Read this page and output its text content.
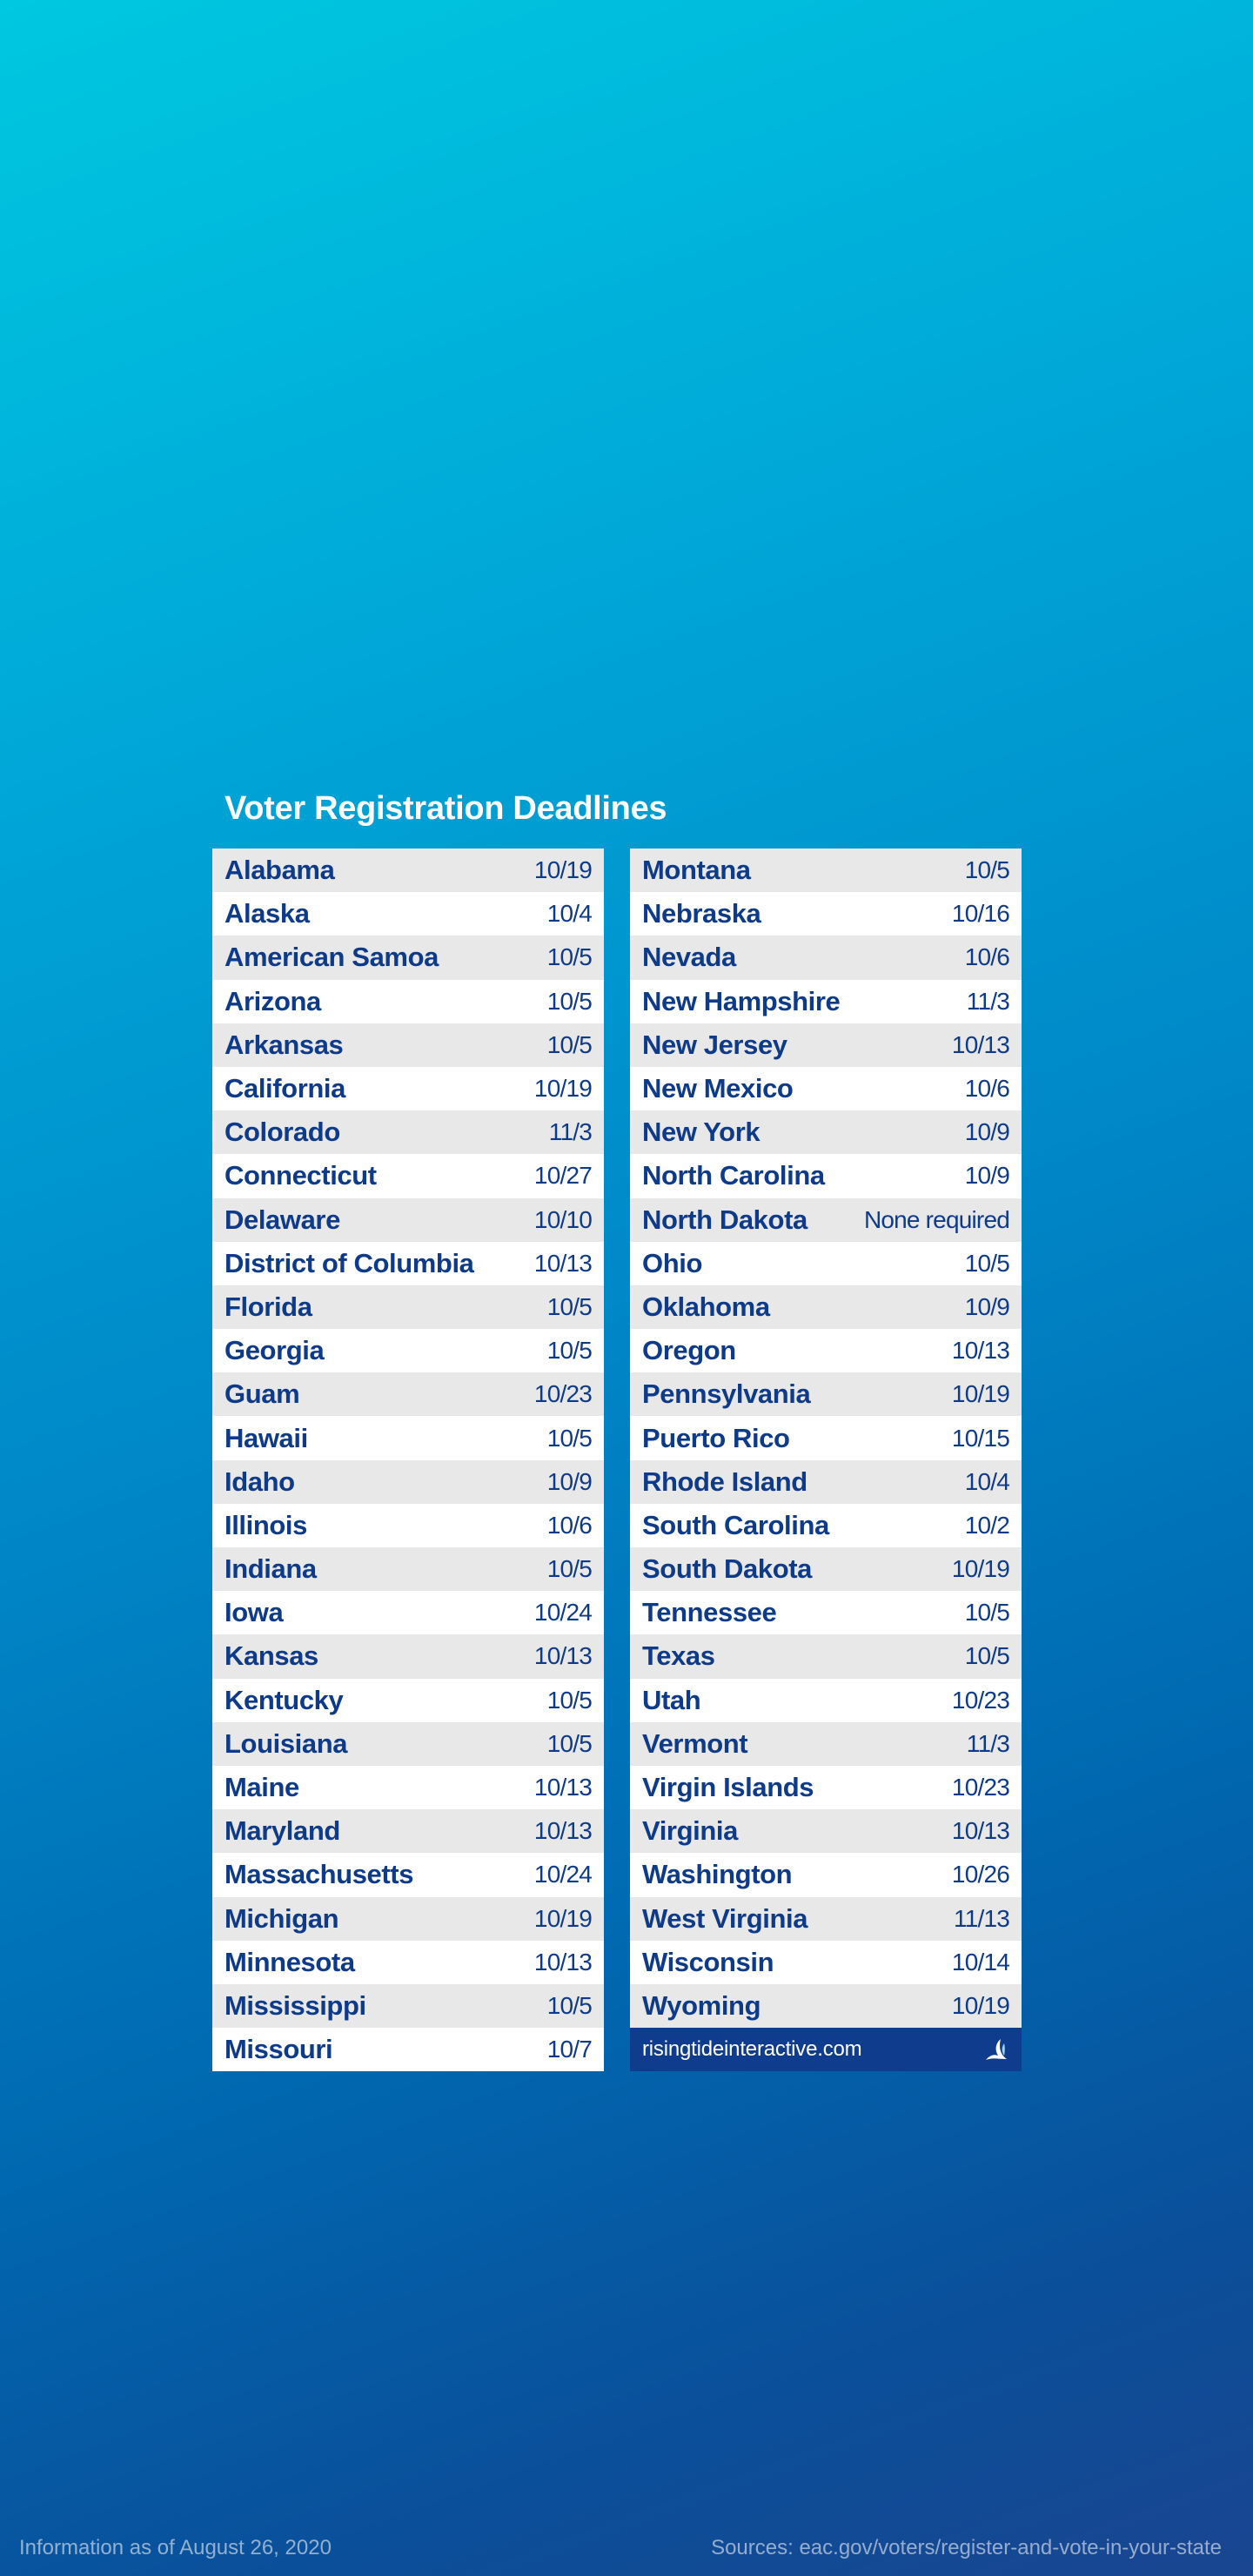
Voter Registration Deadlines
Alabama	10/19
Alaska	10/4
American Samoa	10/5
Arizona	10/5
Arkansas	10/5
California	10/19
Colorado	11/3
Connecticut	10/27
Delaware	10/10
District of Columbia 10/13
Florida	10/5
Georgia	10/5
Guam	10/23
Hawaii	10/5
Idaho	10/9
Illinois	10/6
Indiana	10/5
Iowa	10/24
Kansas	10/13
Kentucky	10/5
Louisiana	10/5
Maine	10/13
Maryland	10/13
Massachusetts	10/24
Michigan	10/19
Minnesota	10/13
Mississippi	10/5
Missouri	10/7
Montana	10/5
Nebraska	10/16
Nevada	10/6
New Hampshire	11/3
New Jersey	10/13
New Mexico	10/6
New York	10/9
North Carolina	10/9
North Dakota None required
Ohio	10/5
Oklahoma	10/9
Oregon	10/13
Pennsylvania	10/19
Puerto Rico	10/15
Rhode Island	10/4
South Carolina	10/2
South Dakota	10/19
Tennessee	10/5
Texas	10/5
Utah	10/23
Vermont	11/3
Virgin Islands	10/23
Virginia	10/13
Washington	10/26
West Virginia	11/13
Wisconsin	10/14
Wyoming	10/19
risingtideinteractive.com
Information as of August 26, 2020	Sources: eac.gov/voters/register-and-vote-in-your-state
